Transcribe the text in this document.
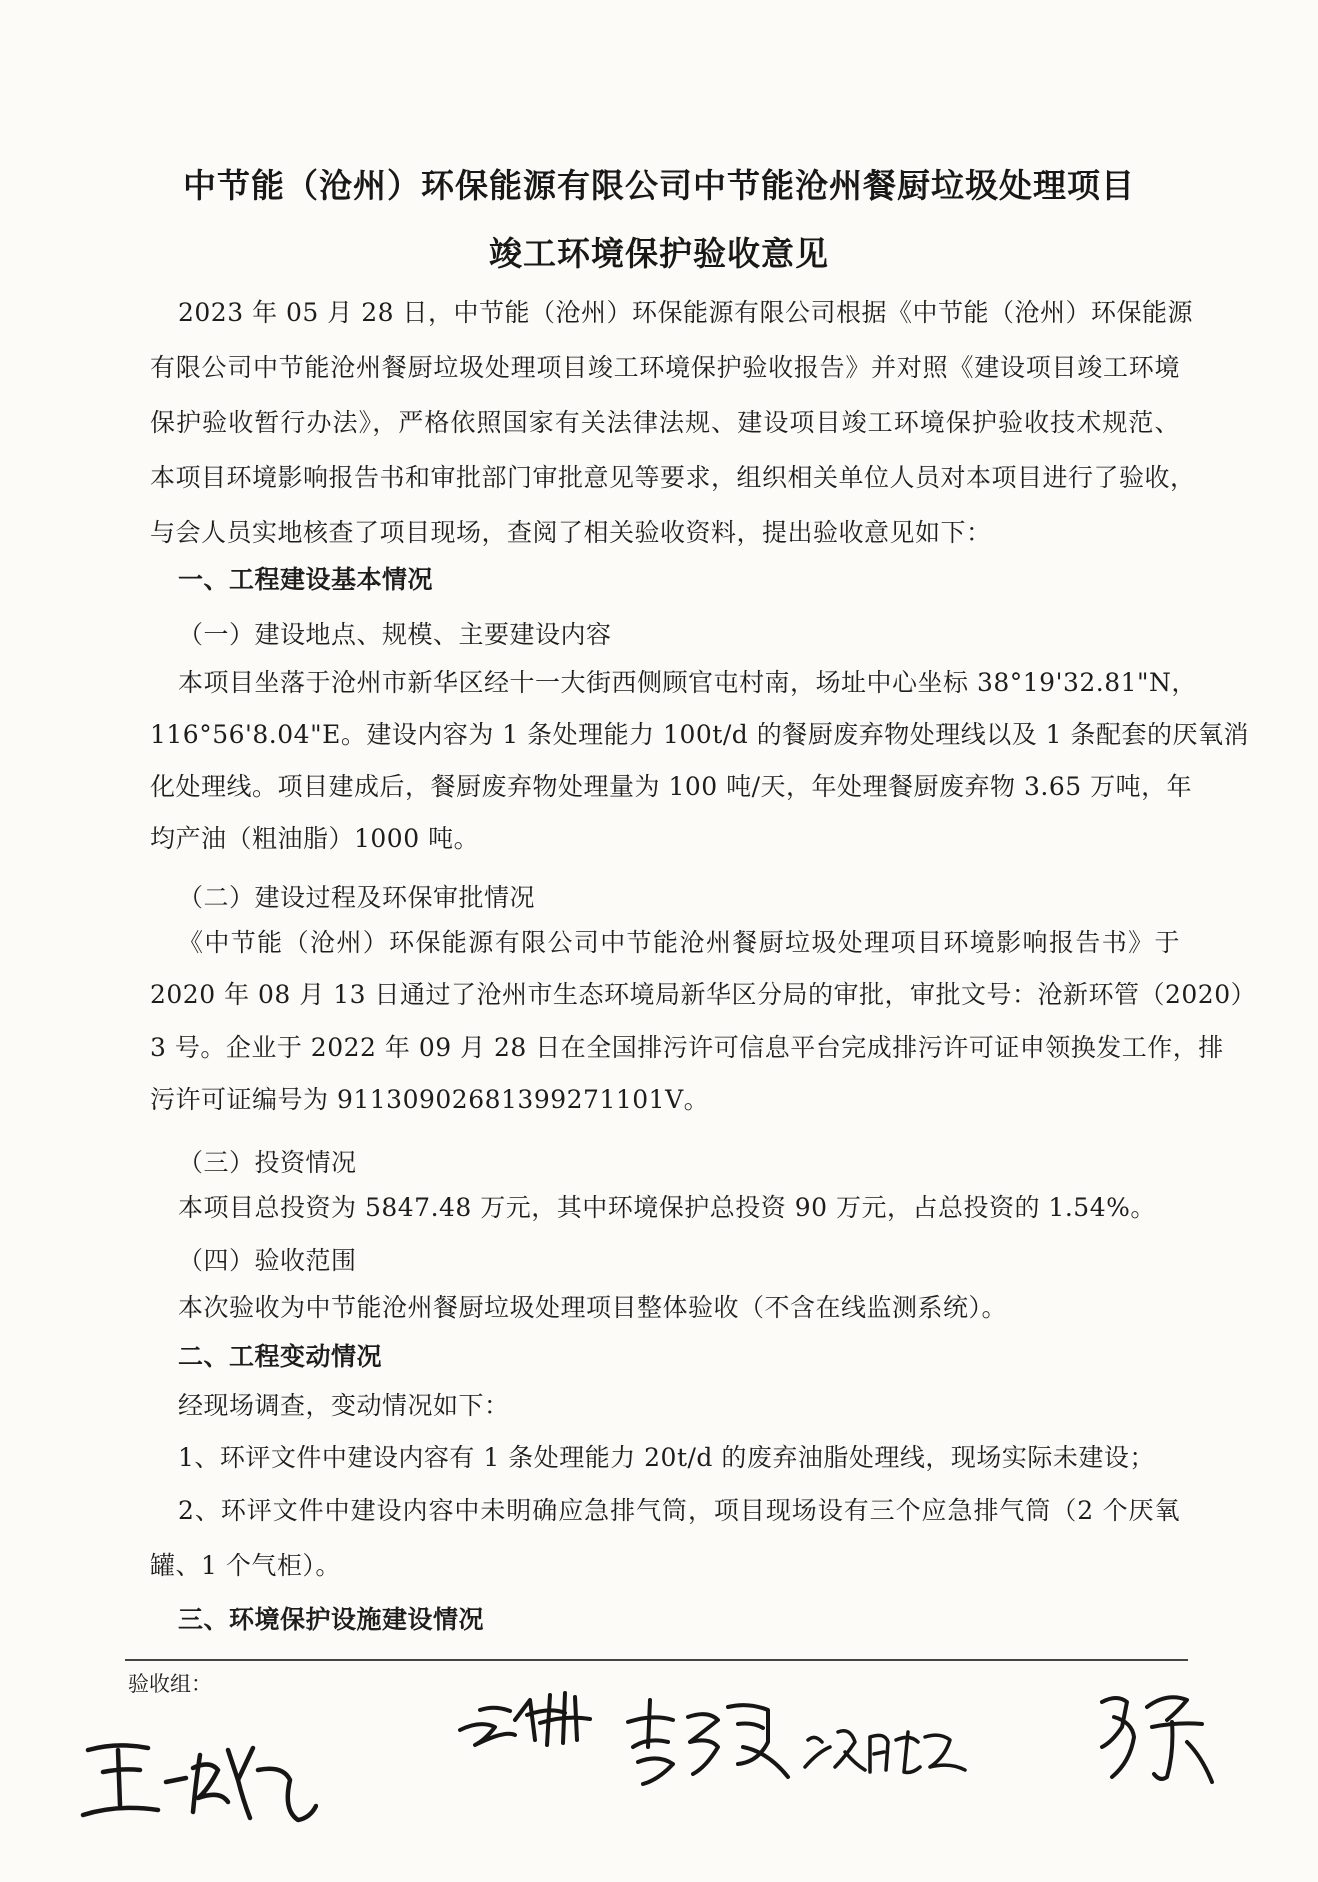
中节能（沧州）环保能源有限公司中节能沧州餐厨垃圾处理项目
竣工环境保护验收意见
2023 年 05 月 28 日，中节能（沧州）环保能源有限公司根据《中节能（沧州）环保能源
有限公司中节能沧州餐厨垃圾处理项目竣工环境保护验收报告》并对照《建设项目竣工环境
保护验收暂行办法》，严格依照国家有关法律法规、建设项目竣工环境保护验收技术规范、
本项目环境影响报告书和审批部门审批意见等要求，组织相关单位人员对本项目进行了验收，
与会人员实地核查了项目现场，查阅了相关验收资料，提出验收意见如下：
一、工程建设基本情况
（一）建设地点、规模、主要建设内容
本项目坐落于沧州市新华区经十一大街西侧顾官屯村南，场址中心坐标 38°19'32.81"N，
116°56'8.04"E。建设内容为 1 条处理能力 100t/d 的餐厨废弃物处理线以及 1 条配套的厌氧消
化处理线。项目建成后，餐厨废弃物处理量为 100 吨/天，年处理餐厨废弃物 3.65 万吨，年
均产油（粗油脂）1000 吨。
（二）建设过程及环保审批情况
《中节能（沧州）环保能源有限公司中节能沧州餐厨垃圾处理项目环境影响报告书》于
2020 年 08 月 13 日通过了沧州市生态环境局新华区分局的审批，审批文号：沧新环管（2020）
3 号。企业于 2022 年 09 月 28 日在全国排污许可信息平台完成排污许可证申领换发工作，排
污许可证编号为 91130902681399271101V。
（三）投资情况
本项目总投资为 5847.48 万元，其中环境保护总投资 90 万元，占总投资的 1.54%。
（四）验收范围
本次验收为中节能沧州餐厨垃圾处理项目整体验收（不含在线监测系统）。
二、工程变动情况
经现场调查，变动情况如下：
1、环评文件中建设内容有 1 条处理能力 20t/d 的废弃油脂处理线，现场实际未建设；
2、环评文件中建设内容中未明确应急排气筒，项目现场设有三个应急排气筒（2 个厌氧
罐、1 个气柜）。
三、环境保护设施建设情况
验收组：
